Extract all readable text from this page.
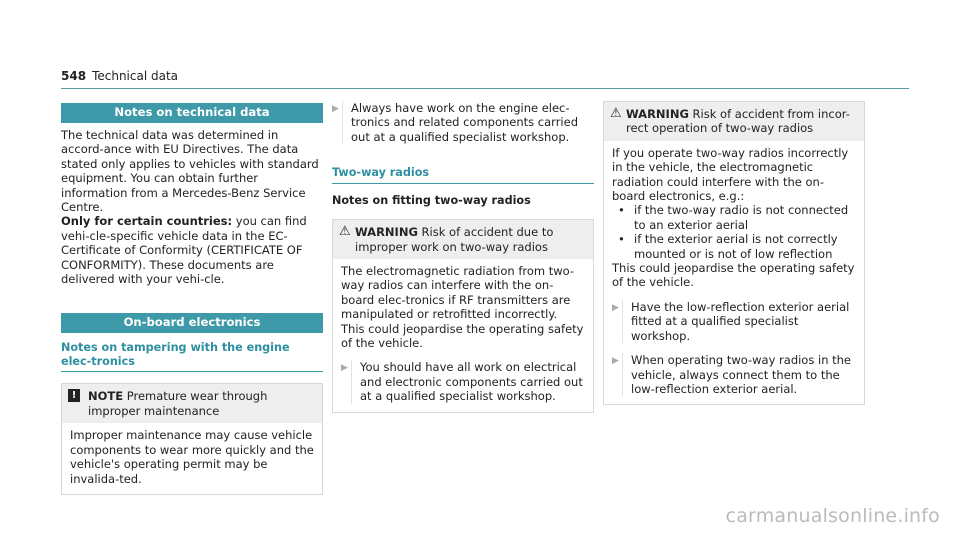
548 Technical data
Notes on technical data

The technical data was determined in accord-ance with EU Directives. The data stated only applies to vehicles with standard equipment. You can obtain further information from a Mercedes-Benz Service Centre.

Only for certain countries: you can find vehi-cle-specific vehicle data in the EC-Certificate of Conformity (CERTIFICATE OF CONFORMITY). These documents are delivered with your vehi-cle.

On-board electronics
Notes on tampering with the engine elec-tronics
!	NOTE Premature wear through improper maintenance
Improper maintenance may cause vehicle components to wear more quickly and the vehicle's operating permit may be invalida-ted.
▶	Always have work on the engine elec-tronics and related components carried out at a qualified specialist workshop.
Two-way radios
Notes on fitting two-way radios
⚠ WARNING Risk of accident due to improper work on two-way radios

The electromagnetic radiation from two-way radios can interfere with the on-board elec-tronics if RF transmitters are manipulated or retrofitted incorrectly.

This could jeopardise the operating safety of the vehicle.

▶	You should have all work on electrical and electronic components carried out at a qualified specialist workshop.
⚠ WARNING Risk of accident from incor-rect operation of two-way radios

If you operate two-way radios incorrectly in the vehicle, the electromagnetic radiation could interfere with the on-board electronics, e.g.:

• if the two-way radio is not connected to an exterior aerial
• if the exterior aerial is not correctly mounted or is not of low reflection

This could jeopardise the operating safety of the vehicle.

▶	Have the low-reflection exterior aerial fitted at a qualified specialist workshop.
▶	When operating two-way radios in the vehicle, always connect them to the low-reflection exterior aerial.
carmanualsonline.info
